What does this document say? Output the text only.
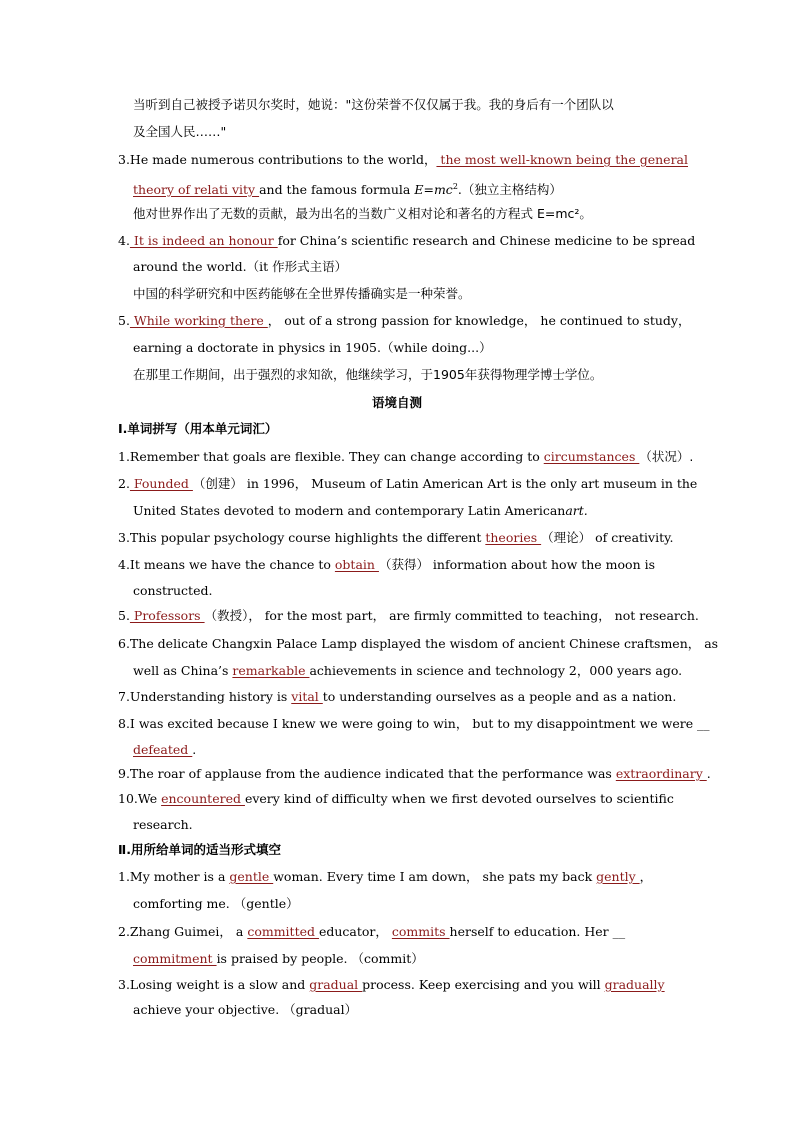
当听到自己被授予诺贝尔奖时，她说："这份荣誉不仅仅属于我。我的身后有一个团队以
及全国人民……"
3.He made numerous contributions to the world， the most well-known being the general
theory of relati vity and the famous formula $E=mc^2$.（独立主格结构）
他对世界作出了无数的贡献，最为出名的当数广义相对论和著名的方程式 E=mc²。
4. It is indeed an honour for China’s scientific research and Chinese medicine to be spread
around the world.（it 作形式主语）
中国的科学研究和中医药能够在全世界传播确实是一种荣誉。
5. While working there ， out of a strong passion for knowledge， he continued to study，
earning a doctorate in physics in 1905.（while doing...）
在那里工作期间，出于强烈的求知欲，他继续学习，于1905年获得物理学博士学位。
语境自测
Ⅰ.单词拼写（用本单元词汇）
1.Remember that goals are flexible. They can change according to circumstances （状况）.
2. Founded （创建） in 1996， Museum of Latin American Art is the only art museum in the
United States devoted to modern and contemporary Latin Americanart.
3.This popular psychology course highlights the different theories （理论） of creativity.
4.It means we have the chance to obtain （获得） information about how the moon is
constructed.
5. Professors （教授）， for the most part， are firmly committed to teaching， not research.
6.The delicate Changxin Palace Lamp displayed the wisdom of ancient Chinese craftsmen， as
well as China’s remarkable achievements in science and technology 2，000 years ago.
7.Understanding history is vital to understanding ourselves as a people and as a nation.
8.I was excited because I knew we were going to win， but to my disappointment we were __
defeated .
9.The roar of applause from the audience indicated that the performance was extraordinary .
10.We encountered every kind of difficulty when we first devoted ourselves to scientific
research.
Ⅱ.用所给单词的适当形式填空
1.My mother is a gentle woman. Every time I am down， she pats my back gently ，
comforting me. （gentle）
2.Zhang Guimei， a committed educator， commits herself to education. Her __
commitment is praised by people. （commit）
3.Losing weight is a slow and gradual process. Keep exercising and you will gradually
achieve your objective. （gradual）
